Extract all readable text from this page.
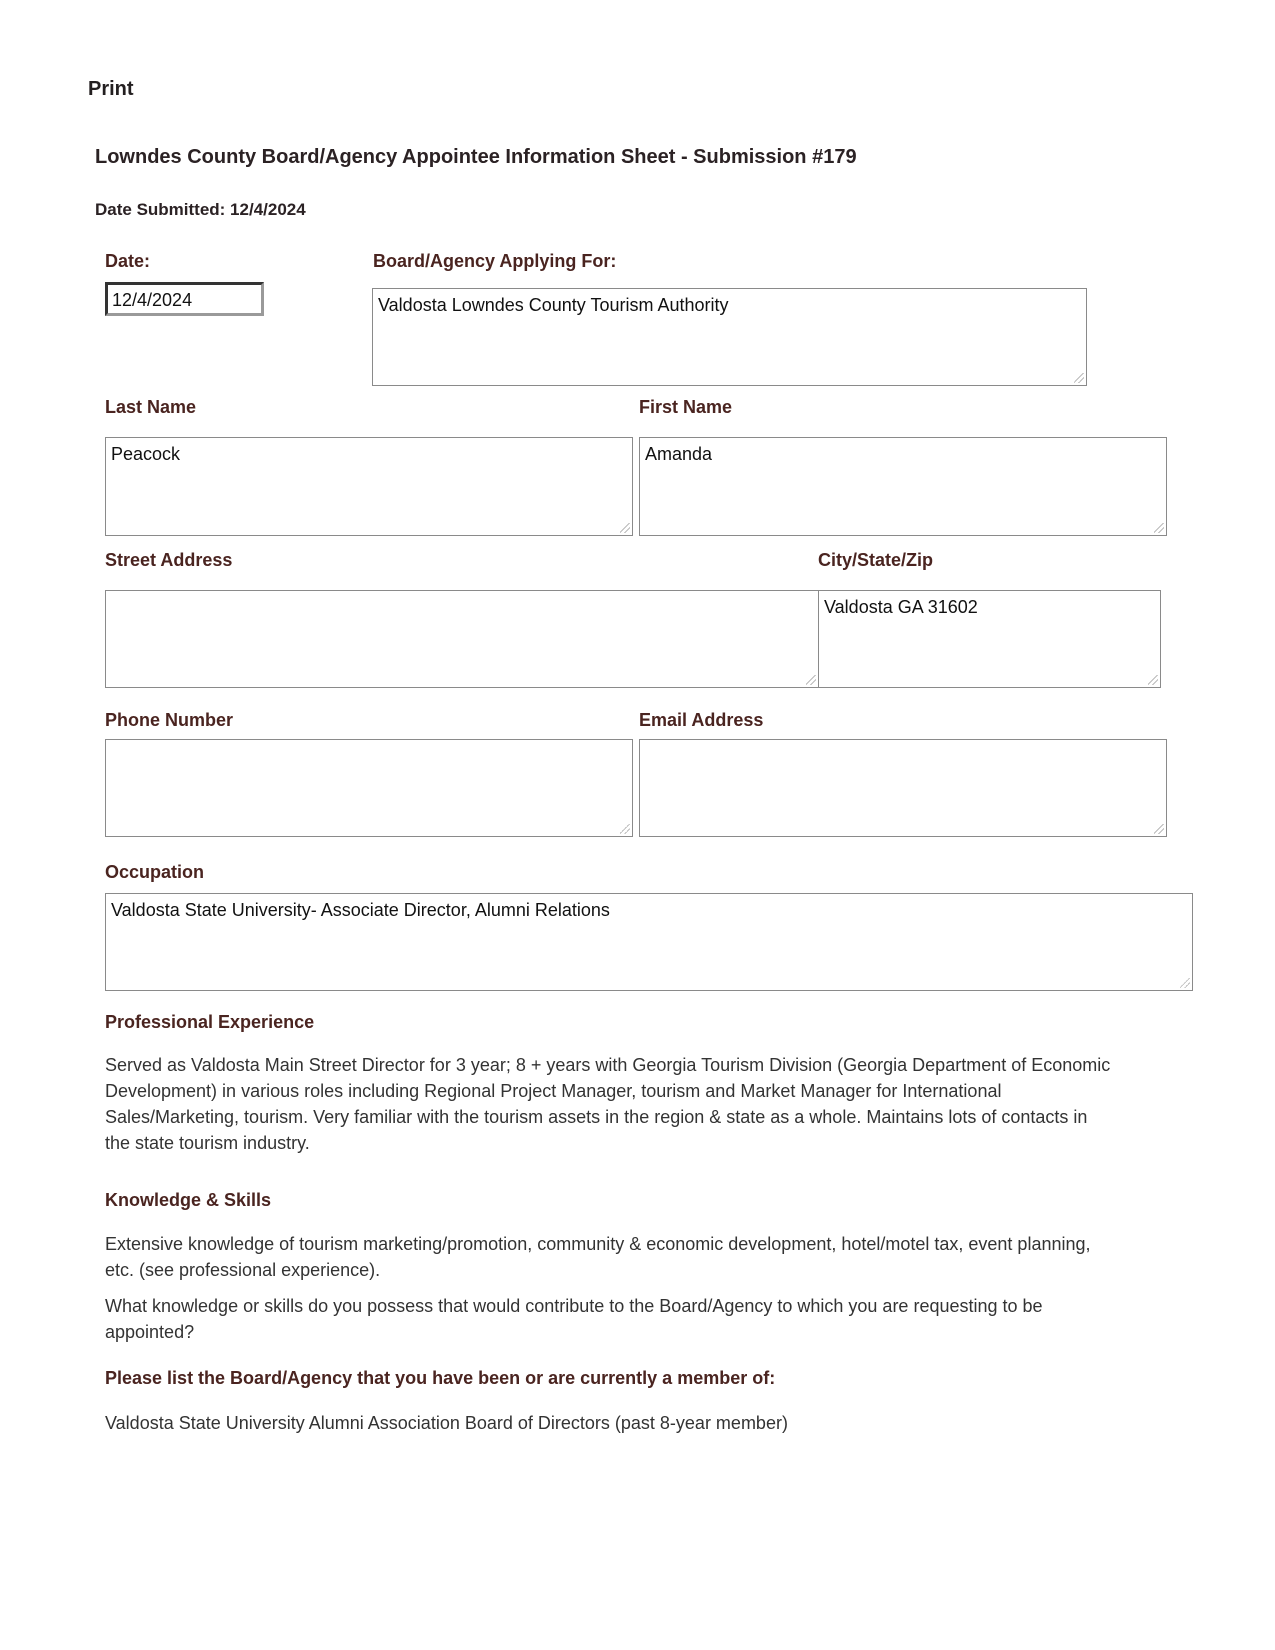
Print
Lowndes County Board/Agency Appointee Information Sheet - Submission #179
Date Submitted: 12/4/2024
Date:
12/4/2024
Board/Agency Applying For:
Valdosta Lowndes County Tourism Authority
Last Name
Peacock
First Name
Amanda
Street Address	City/State/Zip
Valdosta GA 31602
Phone Number	Email Address
Occupation
Valdosta State University- Associate Director, Alumni Relations
Professional Experience
Served as Valdosta Main Street Director for 3 year; 8 + years with Georgia Tourism Division (Georgia Department of Economic Development) in various roles including Regional Project Manager, tourism and Market Manager for International Sales/Marketing, tourism. Very familiar with the tourism assets in the region & state as a whole. Maintains lots of contacts in the state tourism industry.
Knowledge & Skills
Extensive knowledge of tourism marketing/promotion, community & economic development, hotel/motel tax, event planning, etc. (see professional experience).
What knowledge or skills do you possess that would contribute to the Board/Agency to which you are requesting to be appointed?
Please list the Board/Agency that you have been or are currently a member of:
Valdosta State University Alumni Association Board of Directors (past 8-year member)
